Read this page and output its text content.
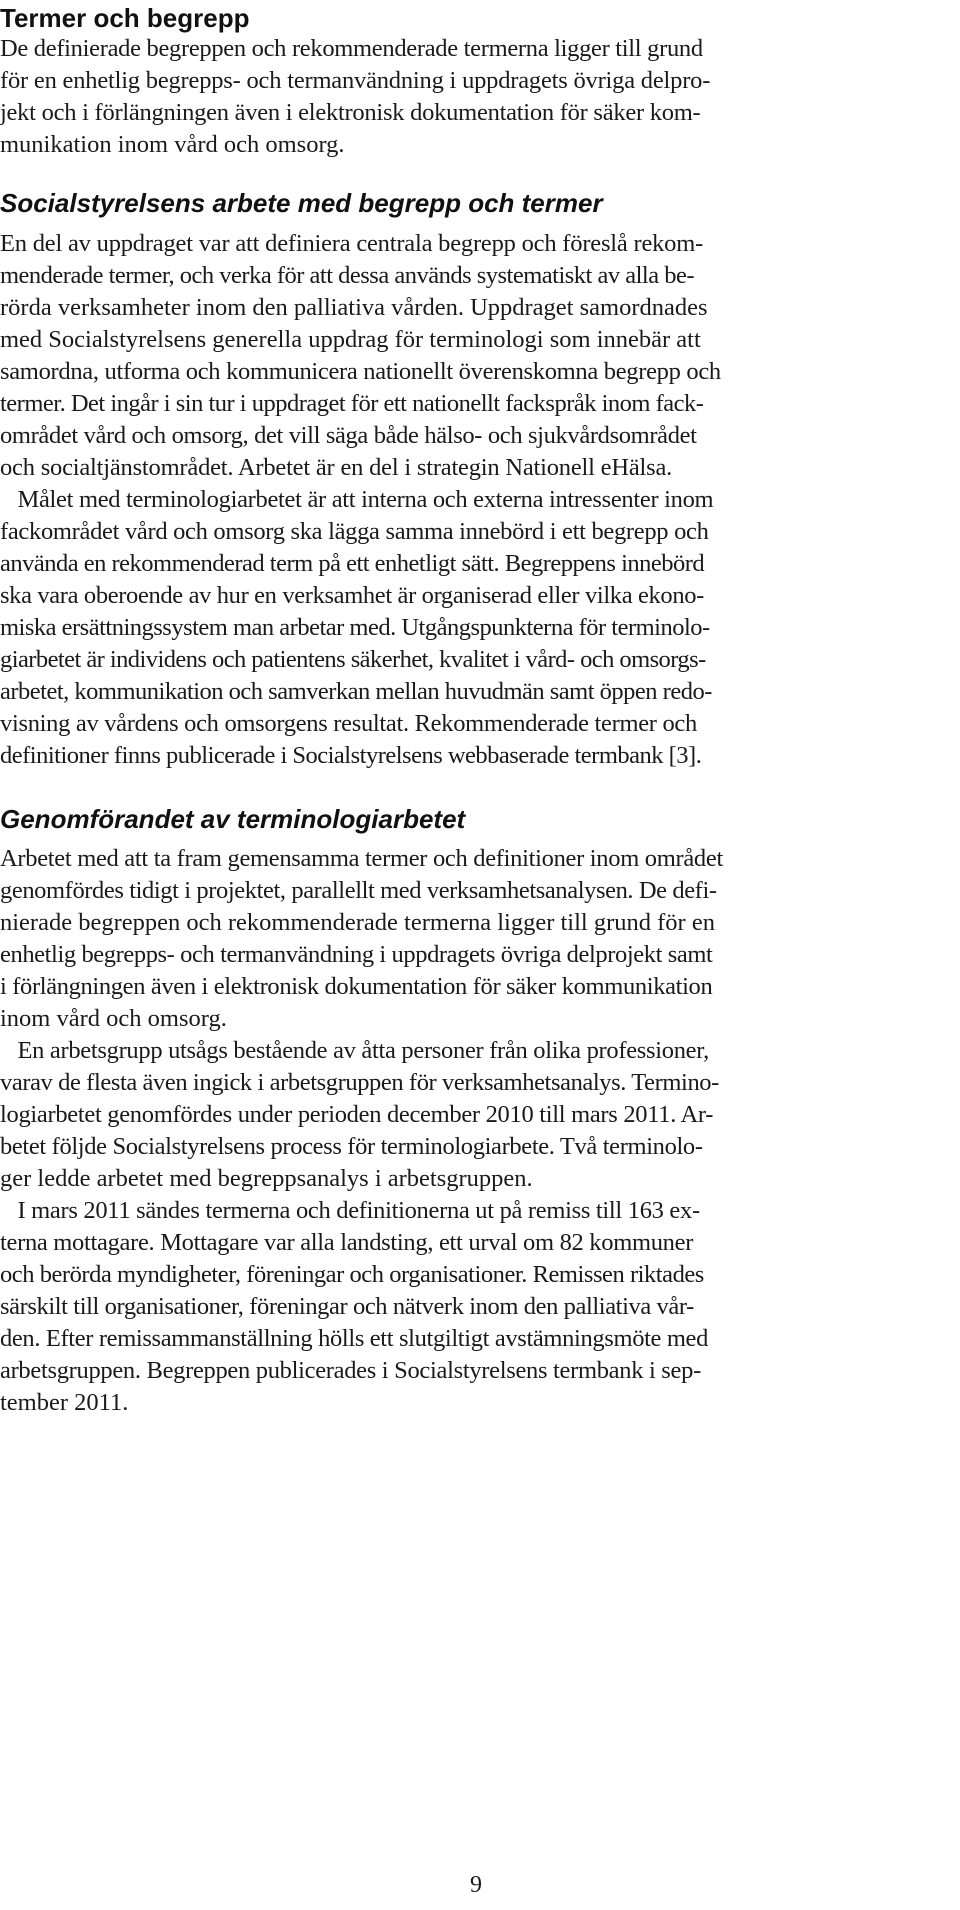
Termer och begrepp

De definierade begreppen och rekommenderade termerna ligger till grund

för en enhetlig begrepps- och termanvändning i uppdragets övriga delpro-

jekt och i förlängningen även i elektronisk dokumentation för säker kom-

munikation inom vård och omsorg.

Socialstyrelsens arbete med begrepp och termer

En del av uppdraget var att definiera centrala begrepp och föreslå rekom-

menderade termer, och verka för att dessa används systematiskt av alla be-

rörda verksamheter inom den palliativa vården. Uppdraget samordnades

med Socialstyrelsens generella uppdrag för terminologi som innebär att

samordna, utforma och kommunicera nationellt överenskomna begrepp och

termer. Det ingår i sin tur i uppdraget för ett nationellt fackspråk inom fack-

området vård och omsorg, det vill säga både hälso- och sjukvårdsområdet

och socialtjänstområdet. Arbetet är en del i strategin Nationell eHälsa.

Målet med terminologiarbetet är att interna och externa intressenter inom

fackområdet vård och omsorg ska lägga samma innebörd i ett begrepp och

använda en rekommenderad term på ett enhetligt sätt. Begreppens innebörd

ska vara oberoende av hur en verksamhet är organiserad eller vilka ekono-

miska ersättningssystem man arbetar med. Utgångspunkterna för terminolo-

giarbetet är individens och patientens säkerhet, kvalitet i vård- och omsorgs-

arbetet, kommunikation och samverkan mellan huvudmän samt öppen redo-

visning av vårdens och omsorgens resultat. Rekommenderade termer och

definitioner finns publicerade i Socialstyrelsens webbaserade termbank [3].

Genomförandet av terminologiarbetet

Arbetet med att ta fram gemensamma termer och definitioner inom området

genomfördes tidigt i projektet, parallellt med verksamhetsanalysen. De defi-

nierade begreppen och rekommenderade termerna ligger till grund för en

enhetlig begrepps- och termanvändning i uppdragets övriga delprojekt samt

i förlängningen även i elektronisk dokumentation för säker kommunikation

inom vård och omsorg.

En arbetsgrupp utsågs bestående av åtta personer från olika professioner,

varav de flesta även ingick i arbetsgruppen för verksamhetsanalys. Termino-

logiarbetet genomfördes under perioden december 2010 till mars 2011. Ar-

betet följde Socialstyrelsens process för terminologiarbete. Två terminolo-

ger ledde arbetet med begreppsanalys i arbetsgruppen.

I mars 2011 sändes termerna och definitionerna ut på remiss till 163 ex-

terna mottagare. Mottagare var alla landsting, ett urval om 82 kommuner

och berörda myndigheter, föreningar och organisationer. Remissen riktades

särskilt till organisationer, föreningar och nätverk inom den palliativa vår-

den. Efter remissammanställning hölls ett slutgiltigt avstämningsmöte med

arbetsgruppen. Begreppen publicerades i Socialstyrelsens termbank i sep-

tember 2011.

9
